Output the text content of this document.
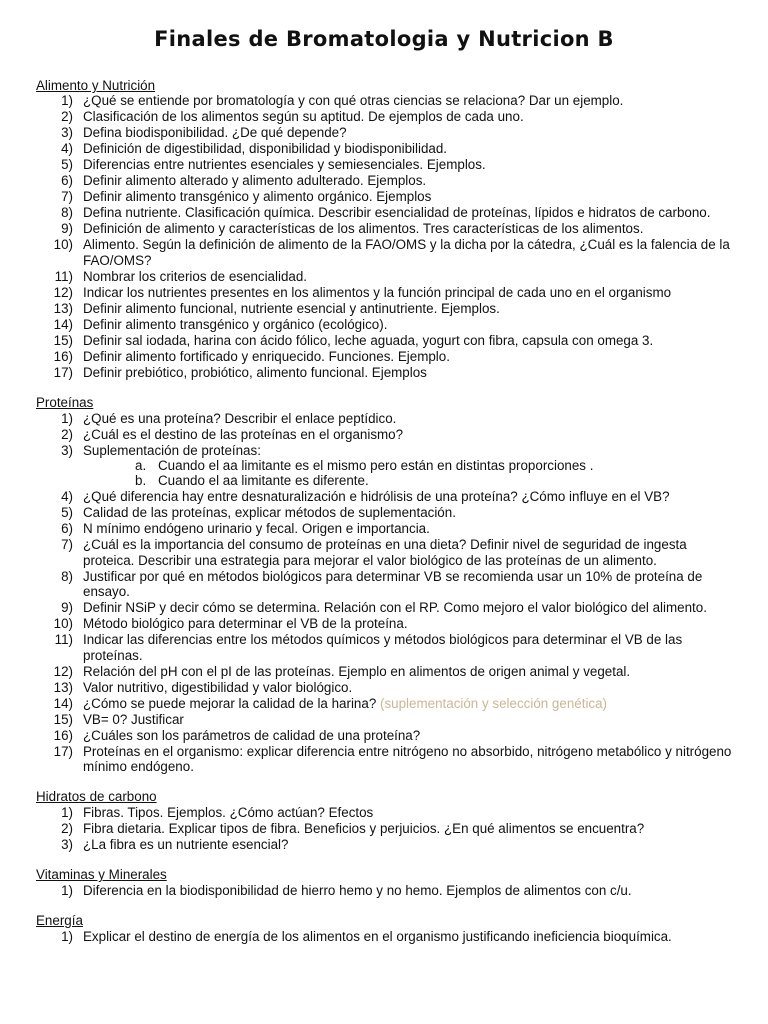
Finales de Bromatologia y Nutricion B
Alimento y Nutrición
1) ¿Qué se entiende por bromatología y con qué otras ciencias se relaciona? Dar un ejemplo.
2) Clasificación de los alimentos según su aptitud. De ejemplos de cada uno.
3) Defina biodisponibilidad. ¿De qué depende?
4) Definición de digestibilidad, disponibilidad y biodisponibilidad.
5) Diferencias entre nutrientes esenciales y semiesenciales. Ejemplos.
6) Definir alimento alterado y alimento adulterado. Ejemplos.
7) Definir alimento transgénico y alimento orgánico. Ejemplos
8) Defina nutriente. Clasificación química. Describir esencialidad de proteínas, lípidos e hidratos de carbono.
9) Definición de alimento y características de los alimentos. Tres características de los alimentos.
10) Alimento. Según la definición de alimento de la FAO/OMS y la dicha por la cátedra, ¿Cuál es la falencia de la FAO/OMS?
11) Nombrar los criterios de esencialidad.
12) Indicar los nutrientes presentes en los alimentos y la función principal de cada uno en el organismo
13) Definir alimento funcional, nutriente esencial y antinutriente. Ejemplos.
14) Definir alimento transgénico y orgánico (ecológico).
15) Definir sal iodada, harina con ácido fólico, leche aguada, yogurt con fibra, capsula con omega 3.
16) Definir alimento fortificado y enriquecido. Funciones. Ejemplo.
17) Definir prebiótico, probiótico, alimento funcional. Ejemplos
Proteínas
1) ¿Qué es una proteína? Describir el enlace peptídico.
2) ¿Cuál es el destino de las proteínas en el organismo?
3) Suplementación de proteínas:
a. Cuando el aa limitante es el mismo pero están en distintas proporciones .
b. Cuando el aa limitante es diferente.
4) ¿Qué diferencia hay entre desnaturalización e hidrólisis de una proteína? ¿Cómo influye en el VB?
5) Calidad de las proteínas, explicar métodos de suplementación.
6) N mínimo endógeno urinario y fecal. Origen e importancia.
7) ¿Cuál es la importancia del consumo de proteínas en una dieta? Definir nivel de seguridad de ingesta proteica. Describir una estrategia para mejorar el valor biológico de las proteínas de un alimento.
8) Justificar por qué en métodos biológicos para determinar VB se recomienda usar un 10% de proteína de ensayo.
9) Definir NSiP y decir cómo se determina. Relación con el RP. Como mejoro el valor biológico del alimento.
10) Método biológico para determinar el VB de la proteína.
11) Indicar las diferencias entre los métodos químicos y métodos biológicos para determinar el VB de las proteínas.
12) Relación del pH con el pI de las proteínas. Ejemplo en alimentos de origen animal y vegetal.
13) Valor nutritivo, digestibilidad y valor biológico.
14) ¿Cómo se puede mejorar la calidad de la harina? (suplementación y selección genética)
15) VB= 0? Justificar
16) ¿Cuáles son los parámetros de calidad de una proteína?
17) Proteínas en el organismo: explicar diferencia entre nitrógeno no absorbido, nitrógeno metabólico y nitrógeno mínimo endógeno.
Hidratos de carbono
1) Fibras. Tipos. Ejemplos. ¿Cómo actúan? Efectos
2) Fibra dietaria. Explicar tipos de fibra. Beneficios y perjuicios. ¿En qué alimentos se encuentra?
3) ¿La fibra es un nutriente esencial?
Vitaminas y Minerales
1) Diferencia en la biodisponibilidad de hierro hemo y no hemo. Ejemplos de alimentos con c/u.
Energía
1) Explicar el destino de energía de los alimentos en el organismo justificando ineficiencia bioquímica.
